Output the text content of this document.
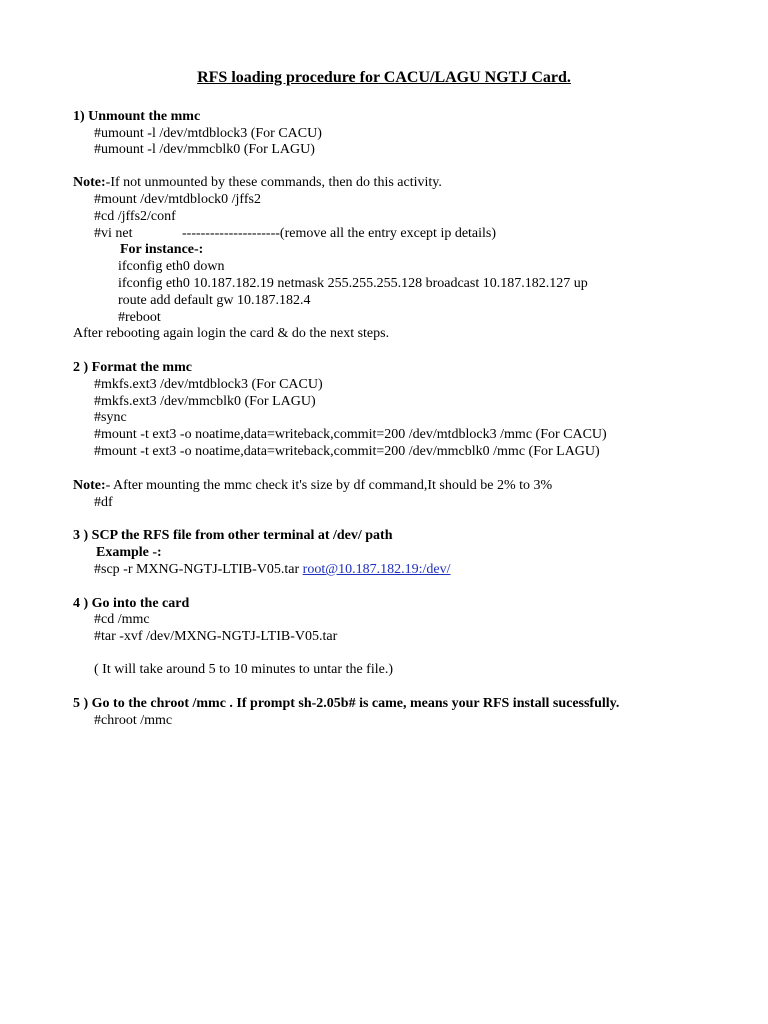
RFS loading procedure for CACU/LAGU NGTJ Card.
1) Unmount the mmc
#umount -l /dev/mtdblock3 (For CACU)
#umount -l /dev/mmcblk0 (For LAGU)
Note:-If not unmounted by these commands, then do this activity.
#mount /dev/mtdblock0 /jffs2
#cd /jffs2/conf
#vi net	---------------------(remove all the entry except ip details)
For instance-:
ifconfig eth0 down
ifconfig eth0 10.187.182.19 netmask 255.255.255.128 broadcast 10.187.182.127 up
route add default gw 10.187.182.4
#reboot
After rebooting again login the card & do the next steps.
2 ) Format the mmc
#mkfs.ext3 /dev/mtdblock3 (For CACU)
#mkfs.ext3 /dev/mmcblk0 (For LAGU)
#sync
#mount -t ext3 -o noatime,data=writeback,commit=200 /dev/mtdblock3 /mmc (For CACU)
#mount -t ext3 -o noatime,data=writeback,commit=200 /dev/mmcblk0 /mmc (For LAGU)
Note:- After mounting the mmc check it's size by df command,It should be 2% to 3%
#df
3 ) SCP the RFS file from other terminal at /dev/ path
Example -:
#scp -r MXNG-NGTJ-LTIB-V05.tar root@10.187.182.19:/dev/
4 ) Go into the card
#cd /mmc
#tar -xvf /dev/MXNG-NGTJ-LTIB-V05.tar
( It will take around 5 to 10 minutes to untar the file.)
5 ) Go to the chroot /mmc . If prompt sh-2.05b# is came, means your RFS install sucessfully.
#chroot /mmc
